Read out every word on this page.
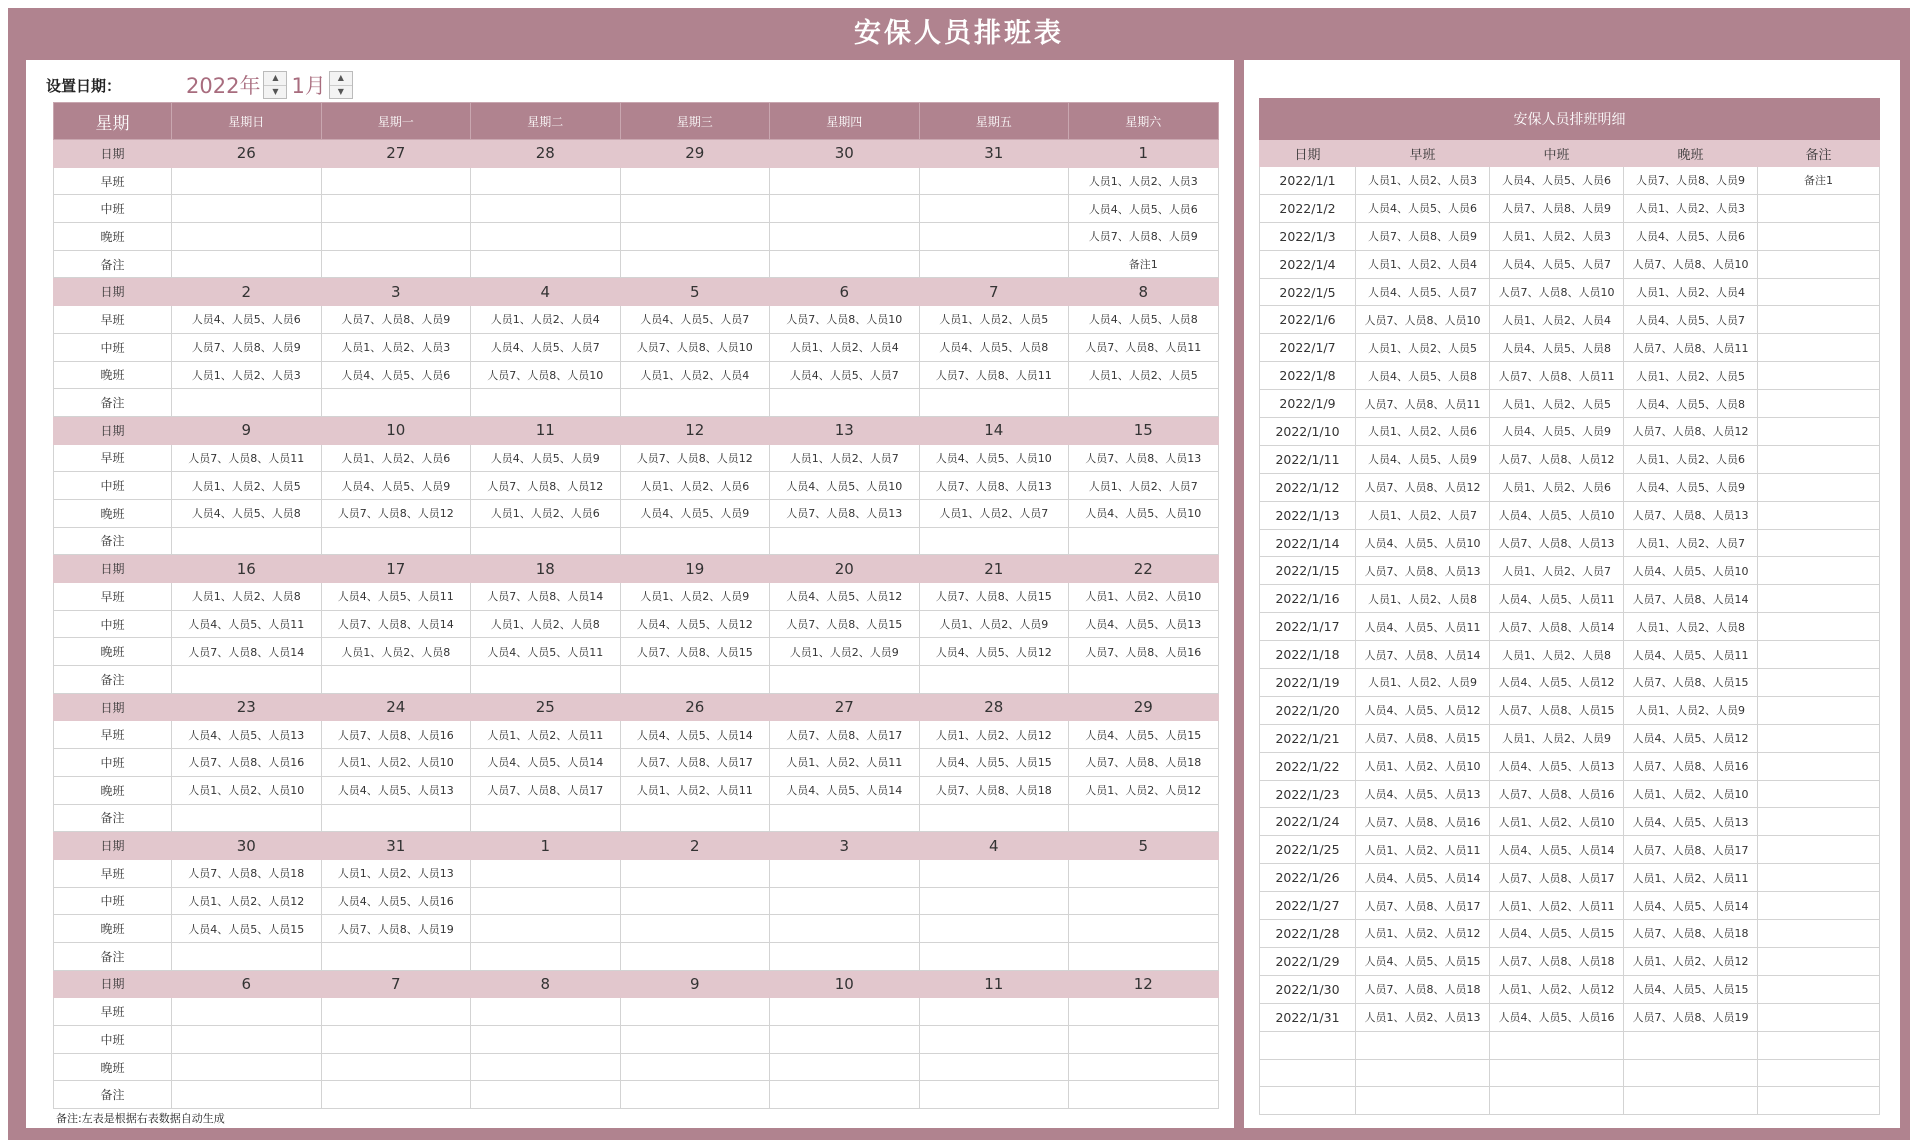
安保人员排班表
设置日期：	2022年	▲
▼ 1月	▲
▼
星期	星期日	星期一	星期二	星期三	星期四	星期五	星期六
日期	26	27	28	29	30	31	1
早班							人员1、人员2、人员3
中班							人员4、人员5、人员6
晚班							人员7、人员8、人员9
备注							备注1
日期	2	3	4	5	6	7	8
早班	人员4、人员5、人员6	人员7、人员8、人员9	人员1、人员2、人员4	人员4、人员5、人员7	人员7、人员8、人员10	人员1、人员2、人员5	人员4、人员5、人员8
中班	人员7、人员8、人员9	人员1、人员2、人员3	人员4、人员5、人员7	人员7、人员8、人员10	人员1、人员2、人员4	人员4、人员5、人员8	人员7、人员8、人员11
晚班	人员1、人员2、人员3	人员4、人员5、人员6	人员7、人员8、人员10	人员1、人员2、人员4	人员4、人员5、人员7	人员7、人员8、人员11	人员1、人员2、人员5
备注							
日期	9	10	11	12	13	14	15
早班	人员7、人员8、人员11	人员1、人员2、人员6	人员4、人员5、人员9	人员7、人员8、人员12	人员1、人员2、人员7	人员4、人员5、人员10	人员7、人员8、人员13
中班	人员1、人员2、人员5	人员4、人员5、人员9	人员7、人员8、人员12	人员1、人员2、人员6	人员4、人员5、人员10	人员7、人员8、人员13	人员1、人员2、人员7
晚班	人员4、人员5、人员8	人员7、人员8、人员12	人员1、人员2、人员6	人员4、人员5、人员9	人员7、人员8、人员13	人员1、人员2、人员7	人员4、人员5、人员10
备注							
日期	16	17	18	19	20	21	22
早班	人员1、人员2、人员8	人员4、人员5、人员11	人员7、人员8、人员14	人员1、人员2、人员9	人员4、人员5、人员12	人员7、人员8、人员15	人员1、人员2、人员10
中班	人员4、人员5、人员11	人员7、人员8、人员14	人员1、人员2、人员8	人员4、人员5、人员12	人员7、人员8、人员15	人员1、人员2、人员9	人员4、人员5、人员13
晚班	人员7、人员8、人员14	人员1、人员2、人员8	人员4、人员5、人员11	人员7、人员8、人员15	人员1、人员2、人员9	人员4、人员5、人员12	人员7、人员8、人员16
备注							
日期	23	24	25	26	27	28	29
早班	人员4、人员5、人员13	人员7、人员8、人员16	人员1、人员2、人员11	人员4、人员5、人员14	人员7、人员8、人员17	人员1、人员2、人员12	人员4、人员5、人员15
中班	人员7、人员8、人员16	人员1、人员2、人员10	人员4、人员5、人员14	人员7、人员8、人员17	人员1、人员2、人员11	人员4、人员5、人员15	人员7、人员8、人员18
晚班	人员1、人员2、人员10	人员4、人员5、人员13	人员7、人员8、人员17	人员1、人员2、人员11	人员4、人员5、人员14	人员7、人员8、人员18	人员1、人员2、人员12
备注							
日期	30	31	1	2	3	4	5
早班	人员7、人员8、人员18	人员1、人员2、人员13					
中班	人员1、人员2、人员12	人员4、人员5、人员16					
晚班	人员4、人员5、人员15	人员7、人员8、人员19					
备注							
日期	6	7	8	9	10	11	12
早班							
中班							
晚班							
备注							
备注:左表是根据右表数据自动生成
安保人员排班明细				
日期	早班	中班	晚班	备注
2022/1/1	人员1、人员2、人员3	人员4、人员5、人员6	人员7、人员8、人员9	备注1
2022/1/2	人员4、人员5、人员6	人员7、人员8、人员9	人员1、人员2、人员3	
2022/1/3	人员7、人员8、人员9	人员1、人员2、人员3	人员4、人员5、人员6	
2022/1/4	人员1、人员2、人员4	人员4、人员5、人员7	人员7、人员8、人员10	
2022/1/5	人员4、人员5、人员7	人员7、人员8、人员10	人员1、人员2、人员4	
2022/1/6	人员7、人员8、人员10	人员1、人员2、人员4	人员4、人员5、人员7	
2022/1/7	人员1、人员2、人员5	人员4、人员5、人员8	人员7、人员8、人员11	
2022/1/8	人员4、人员5、人员8	人员7、人员8、人员11	人员1、人员2、人员5	
2022/1/9	人员7、人员8、人员11	人员1、人员2、人员5	人员4、人员5、人员8	
2022/1/10	人员1、人员2、人员6	人员4、人员5、人员9	人员7、人员8、人员12	
2022/1/11	人员4、人员5、人员9	人员7、人员8、人员12	人员1、人员2、人员6	
2022/1/12	人员7、人员8、人员12	人员1、人员2、人员6	人员4、人员5、人员9	
2022/1/13	人员1、人员2、人员7	人员4、人员5、人员10	人员7、人员8、人员13	
2022/1/14	人员4、人员5、人员10	人员7、人员8、人员13	人员1、人员2、人员7	
2022/1/15	人员7、人员8、人员13	人员1、人员2、人员7	人员4、人员5、人员10	
2022/1/16	人员1、人员2、人员8	人员4、人员5、人员11	人员7、人员8、人员14	
2022/1/17	人员4、人员5、人员11	人员7、人员8、人员14	人员1、人员2、人员8	
2022/1/18	人员7、人员8、人员14	人员1、人员2、人员8	人员4、人员5、人员11	
2022/1/19	人员1、人员2、人员9	人员4、人员5、人员12	人员7、人员8、人员15	
2022/1/20	人员4、人员5、人员12	人员7、人员8、人员15	人员1、人员2、人员9	
2022/1/21	人员7、人员8、人员15	人员1、人员2、人员9	人员4、人员5、人员12	
2022/1/22	人员1、人员2、人员10	人员4、人员5、人员13	人员7、人员8、人员16	
2022/1/23	人员4、人员5、人员13	人员7、人员8、人员16	人员1、人员2、人员10	
2022/1/24	人员7、人员8、人员16	人员1、人员2、人员10	人员4、人员5、人员13	
2022/1/25	人员1、人员2、人员11	人员4、人员5、人员14	人员7、人员8、人员17	
2022/1/26	人员4、人员5、人员14	人员7、人员8、人员17	人员1、人员2、人员11	
2022/1/27	人员7、人员8、人员17	人员1、人员2、人员11	人员4、人员5、人员14	
2022/1/28	人员1、人员2、人员12	人员4、人员5、人员15	人员7、人员8、人员18	
2022/1/29	人员4、人员5、人员15	人员7、人员8、人员18	人员1、人员2、人员12	
2022/1/30	人员7、人员8、人员18	人员1、人员2、人员12	人员4、人员5、人员15	
2022/1/31	人员1、人员2、人员13	人员4、人员5、人员16	人员7、人员8、人员19	
